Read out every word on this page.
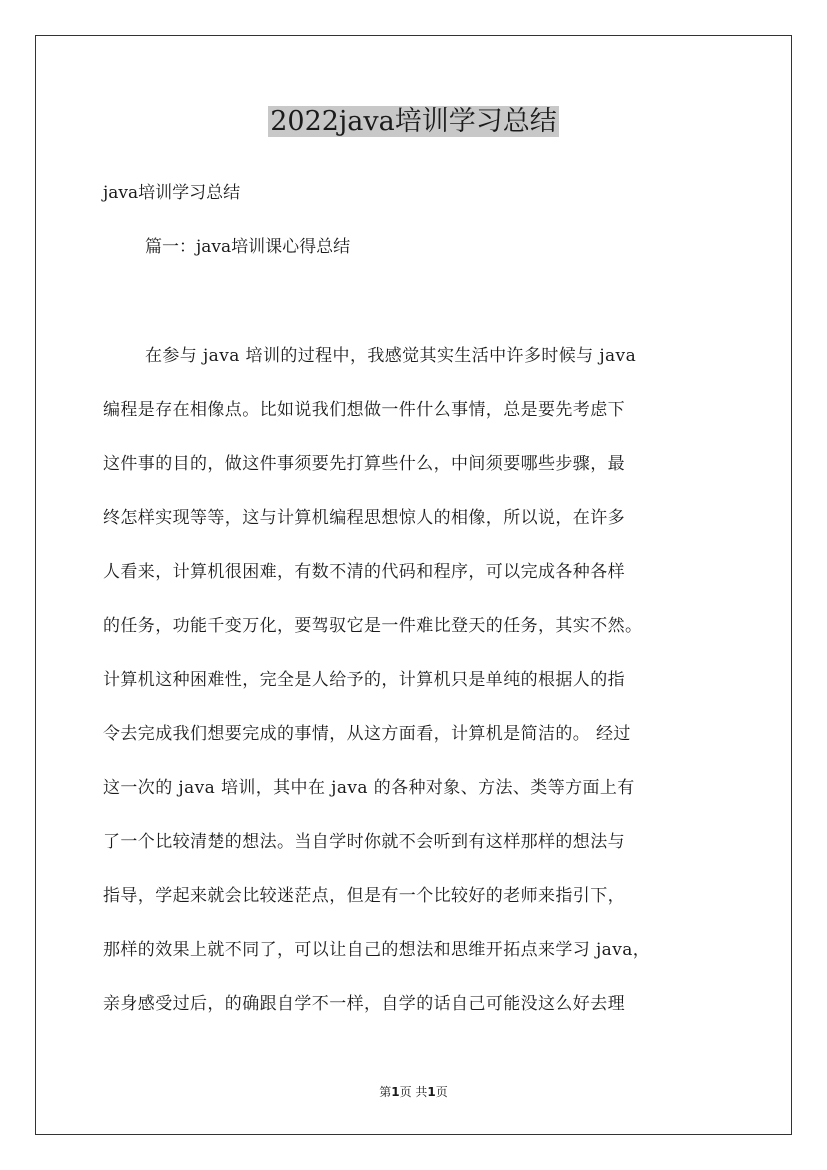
2022java培训学习总结
java培训学习总结
篇一：java培训课心得总结
在参与 java 培训的过程中，我感觉其实生活中许多时候与 java
编程是存在相像点。比如说我们想做一件什么事情，总是要先考虑下
这件事的目的，做这件事须要先打算些什么，中间须要哪些步骤，最
终怎样实现等等，这与计算机编程思想惊人的相像，所以说，在许多
人看来，计算机很困难，有数不清的代码和程序，可以完成各种各样
的任务，功能千变万化，要驾驭它是一件难比登天的任务，其实不然。
计算机这种困难性，完全是人给予的，计算机只是单纯的根据人的指
令去完成我们想要完成的事情，从这方面看，计算机是简洁的。 经过
这一次的 java 培训，其中在 java 的各种对象、方法、类等方面上有
了一个比较清楚的想法。当自学时你就不会听到有这样那样的想法与
指导，学起来就会比较迷茫点，但是有一个比较好的老师来指引下，
那样的效果上就不同了，可以让自己的想法和思维开拓点来学习 java，
亲身感受过后，的确跟自学不一样，自学的话自己可能没这么好去理
第1页 共1页
